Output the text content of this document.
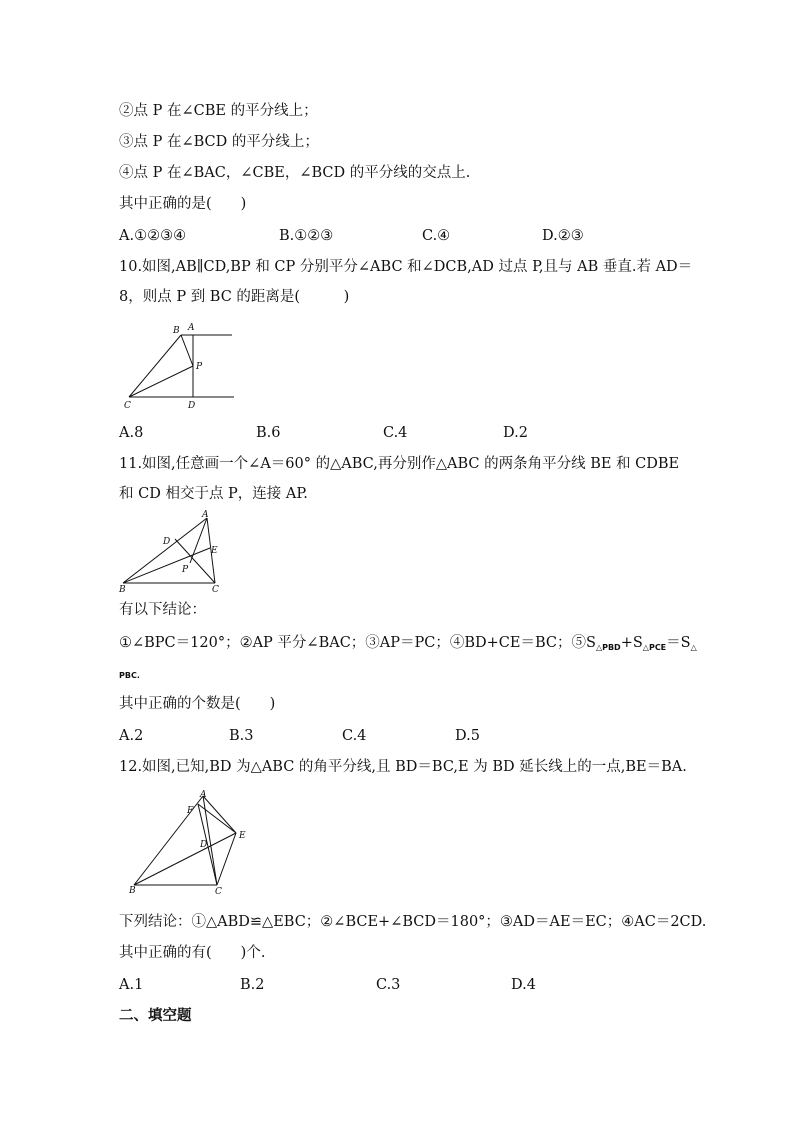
②点 P 在∠CBE 的平分线上；
③点 P 在∠BCD 的平分线上；
④点 P 在∠BAC，∠CBE，∠BCD 的平分线的交点上.
其中正确的是(　　)
A.①②③④	B.①②③	C.④	D.②③
10.如图,AB∥CD,BP 和 CP 分别平分∠ABC 和∠DCB,AD 过点 P,且与 AB 垂直.若 AD＝
8，则点 P 到 BC 的距离是(　　　)
B A
P
C	D
A.8	B.6	C.4	D.2
11.如图,任意画一个∠A＝60° 的△ABC,再分别作△ABC 的两条角平分线 BE 和 CDBE
和 CD 相交于点 P，连接 AP.
A
D
E
P
B	C
有以下结论：
①∠BPC＝120°；②AP 平分∠BAC；③AP＝PC；④BD+CE＝BC；$⑤S_{\triangle PBD}+S_{\triangle PCE}=S_\triangle$
PBC.
其中正确的个数是(　　)
A.2	B.3	C.4	D.5
12.如图,已知,BD 为△ABC 的角平分线,且 BD＝BC,E 为 BD 延长线上的一点,BE＝BA.
A
F
E
D
B	C
下列结论：①△ABD≌△EBC；②∠BCE+∠BCD＝180°；③AD＝AE＝EC；④AC＝2CD.
其中正确的有(　　)个.
A.1	B.2	C.3	D.4
二、填空题
